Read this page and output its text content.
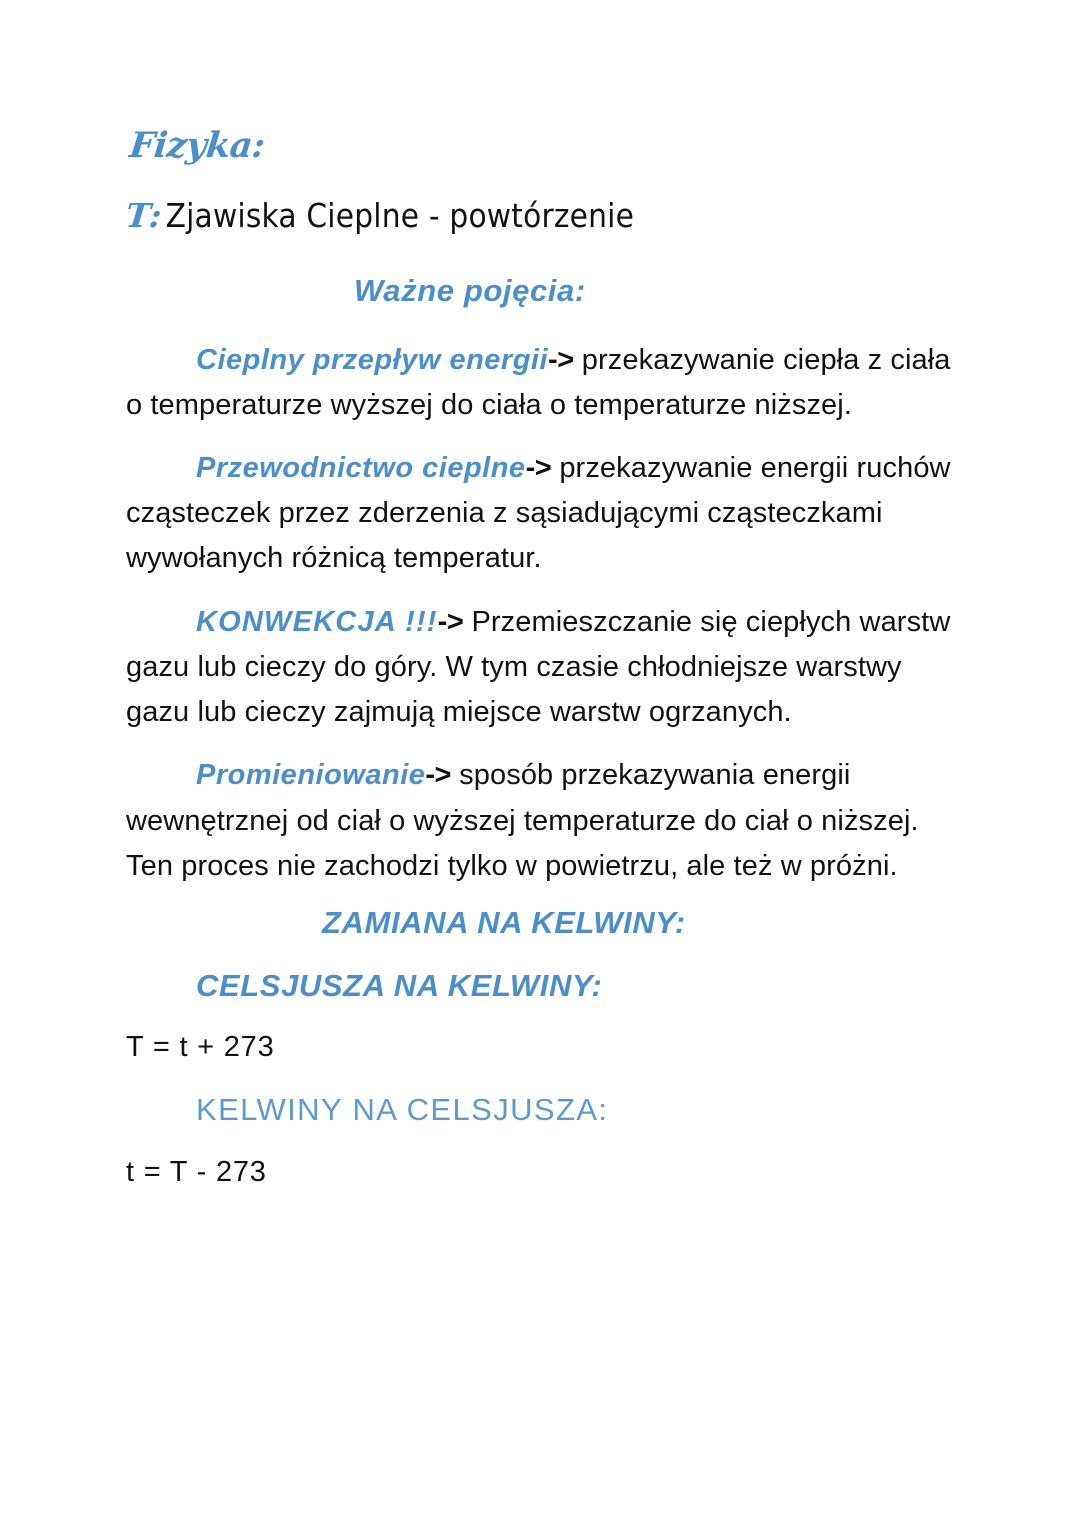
Fizyka:
T:Zjawiska Cieplne - powtórzenie
Ważne pojęcia:

Cieplny przepływ energii-> przekazywanie ciepła z ciała o temperaturze wyższej do ciała o temperaturze niższej.

Przewodnictwo cieplne-> przekazywanie energii ruchów cząsteczek przez zderzenia z sąsiadującymi cząsteczkami wywołanych różnicą temperatur.

KONWEKCJA !!!-> Przemieszczanie się ciepłych warstw gazu lub cieczy do góry. W tym czasie chłodniejsze warstwy gazu lub cieczy zajmują miejsce warstw ogrzanych.

Promieniowanie-> sposób przekazywania energii wewnętrznej od ciał o wyższej temperaturze do ciał o niższej. Ten proces nie zachodzi tylko w powietrzu, ale też w próżni.

ZAMIANA NA KELWINY:
CELSJUSZA NA KELWINY:
T = t + 273
KELWINY NA CELSJUSZA:
t = T - 273
